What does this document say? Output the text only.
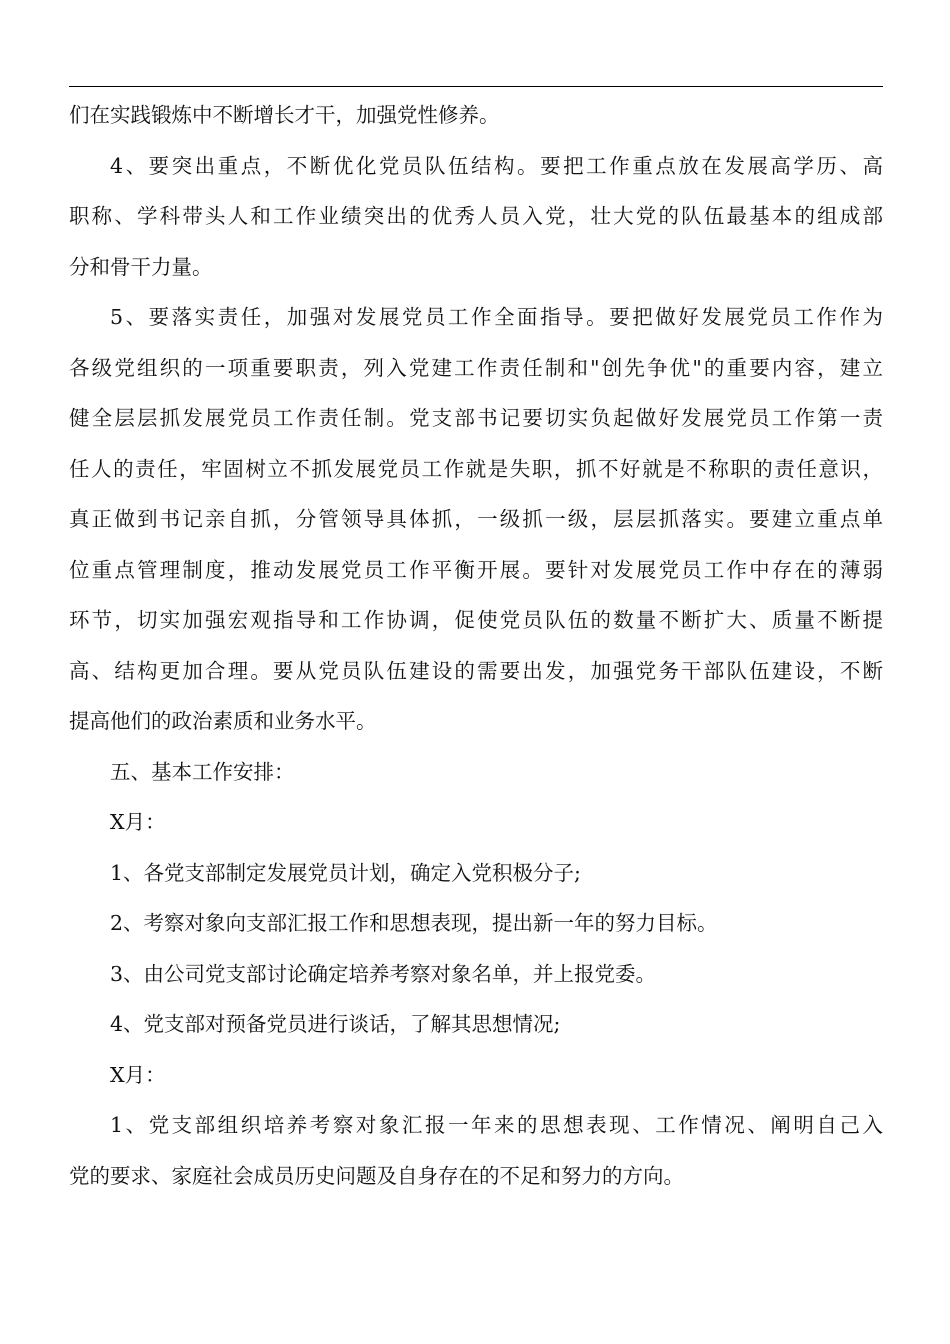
们在实践锻炼中不断增长才干，加强党性修养。
4、要突出重点，不断优化党员队伍结构。要把工作重点放在发展高学历、高
职称、学科带头人和工作业绩突出的优秀人员入党，壮大党的队伍最基本的组成部
分和骨干力量。
5、要落实责任，加强对发展党员工作全面指导。要把做好发展党员工作作为
各级党组织的一项重要职责，列入党建工作责任制和"创先争优"的重要内容，建立
健全层层抓发展党员工作责任制。党支部书记要切实负起做好发展党员工作第一责
任人的责任，牢固树立不抓发展党员工作就是失职，抓不好就是不称职的责任意识，
真正做到书记亲自抓，分管领导具体抓，一级抓一级，层层抓落实。要建立重点单
位重点管理制度，推动发展党员工作平衡开展。要针对发展党员工作中存在的薄弱
环节，切实加强宏观指导和工作协调，促使党员队伍的数量不断扩大、质量不断提
高、结构更加合理。要从党员队伍建设的需要出发，加强党务干部队伍建设，不断
提高他们的政治素质和业务水平。
五、基本工作安排：
X月：
1、各党支部制定发展党员计划，确定入党积极分子;
2、考察对象向支部汇报工作和思想表现，提出新一年的努力目标。
3、由公司党支部讨论确定培养考察对象名单，并上报党委。
4、党支部对预备党员进行谈话，了解其思想情况;
X月：
1、党支部组织培养考察对象汇报一年来的思想表现、工作情况、阐明自己入
党的要求、家庭社会成员历史问题及自身存在的不足和努力的方向。
